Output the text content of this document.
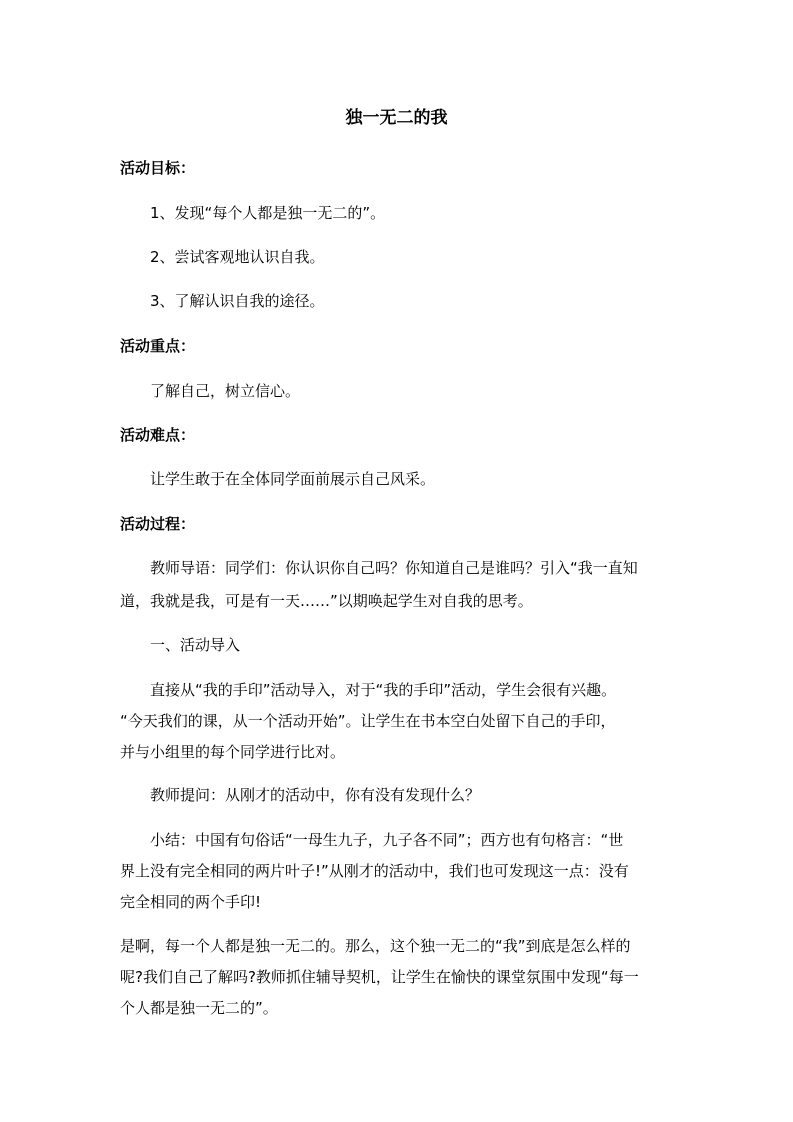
独一无二的我
活动目标：
1、发现“每个人都是独一无二的”。
2、尝试客观地认识自我。
3、了解认识自我的途径。
活动重点：
了解自己，树立信心。
活动难点：
让学生敢于在全体同学面前展示自己风采。
活动过程：
教师导语：同学们：你认识你自己吗？你知道自己是谁吗？引入“我一直知
道，我就是我，可是有一天……”以期唤起学生对自我的思考。
一、活动导入
直接从“我的手印”活动导入，对于“我的手印”活动，学生会很有兴趣。
“今天我们的课，从一个活动开始”。让学生在书本空白处留下自己的手印，
并与小组里的每个同学进行比对。
教师提问：从刚才的活动中，你有没有发现什么？
小结：中国有句俗话“一母生九子，九子各不同”；西方也有句格言：“世
界上没有完全相同的两片叶子!”从刚才的活动中，我们也可发现这一点：没有
完全相同的两个手印!
是啊，每一个人都是独一无二的。那么，这个独一无二的“我”到底是怎么样的
呢?我们自己了解吗?教师抓住辅导契机，让学生在愉快的课堂氛围中发现“每一
个人都是独一无二的”。
